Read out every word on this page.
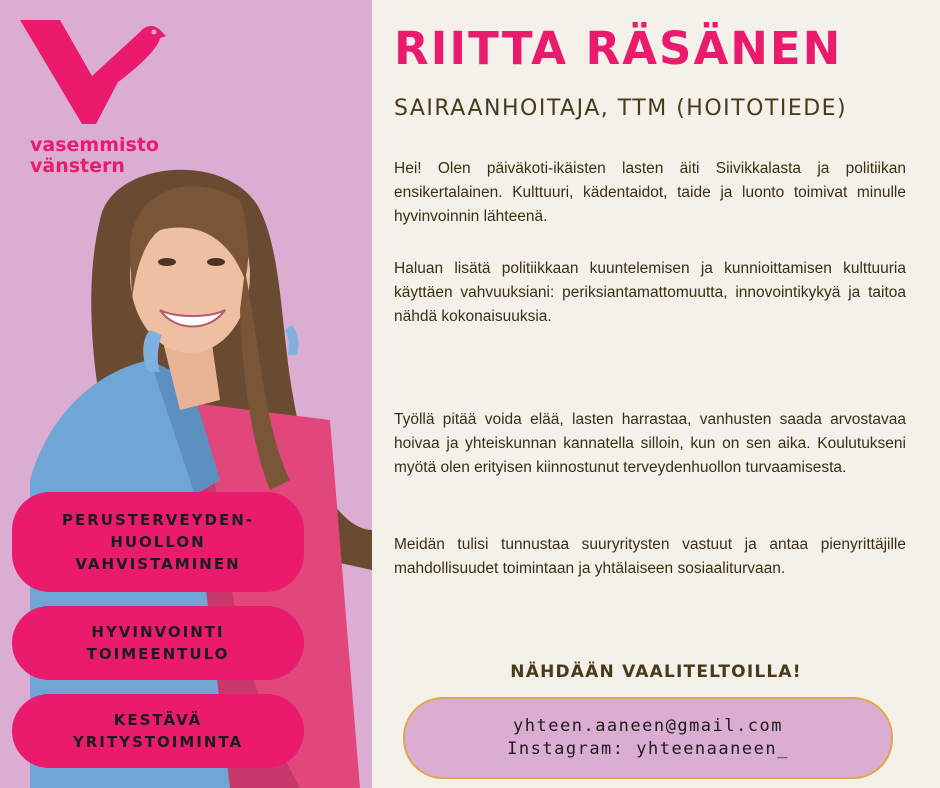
vasemmisto
vänstern
PERUSTERVEYDEN-
HUOLLON
VAHVISTAMINEN
HYVINVOINTI
TOIMEENTULO
KESTÄVÄ
YRITYSTOIMINTA
RIITTA RÄSÄNEN
SAIRAANHOITAJA, TTM (HOITOTIEDE)
Hei! Olen päiväkoti-ikäisten lasten äiti Siivikkalasta ja politiikan ensikertalainen. Kulttuuri, kädentaidot, taide ja luonto toimivat minulle hyvinvoinnin lähteenä.
Haluan lisätä politiikkaan kuuntelemisen ja kunnioittamisen kulttuuria käyttäen vahvuuksiani: periksiantamattomuutta, innovointikykyä ja taitoa nähdä kokonaisuuksia.
Työllä pitää voida elää, lasten harrastaa, vanhusten saada arvostavaa hoivaa ja yhteiskunnan kannatella silloin, kun on sen aika. Koulutukseni myötä olen erityisen kiinnostunut terveydenhuollon turvaamisesta.
Meidän tulisi tunnustaa suuryritysten vastuut ja antaa pienyrittäjille mahdollisuudet toimintaan ja yhtälaiseen sosiaaliturvaan.
NÄHDÄÄN VAALITELTOILLA!
yhteen.aaneen@gmail.com
Instagram: yhteenaaneen_
